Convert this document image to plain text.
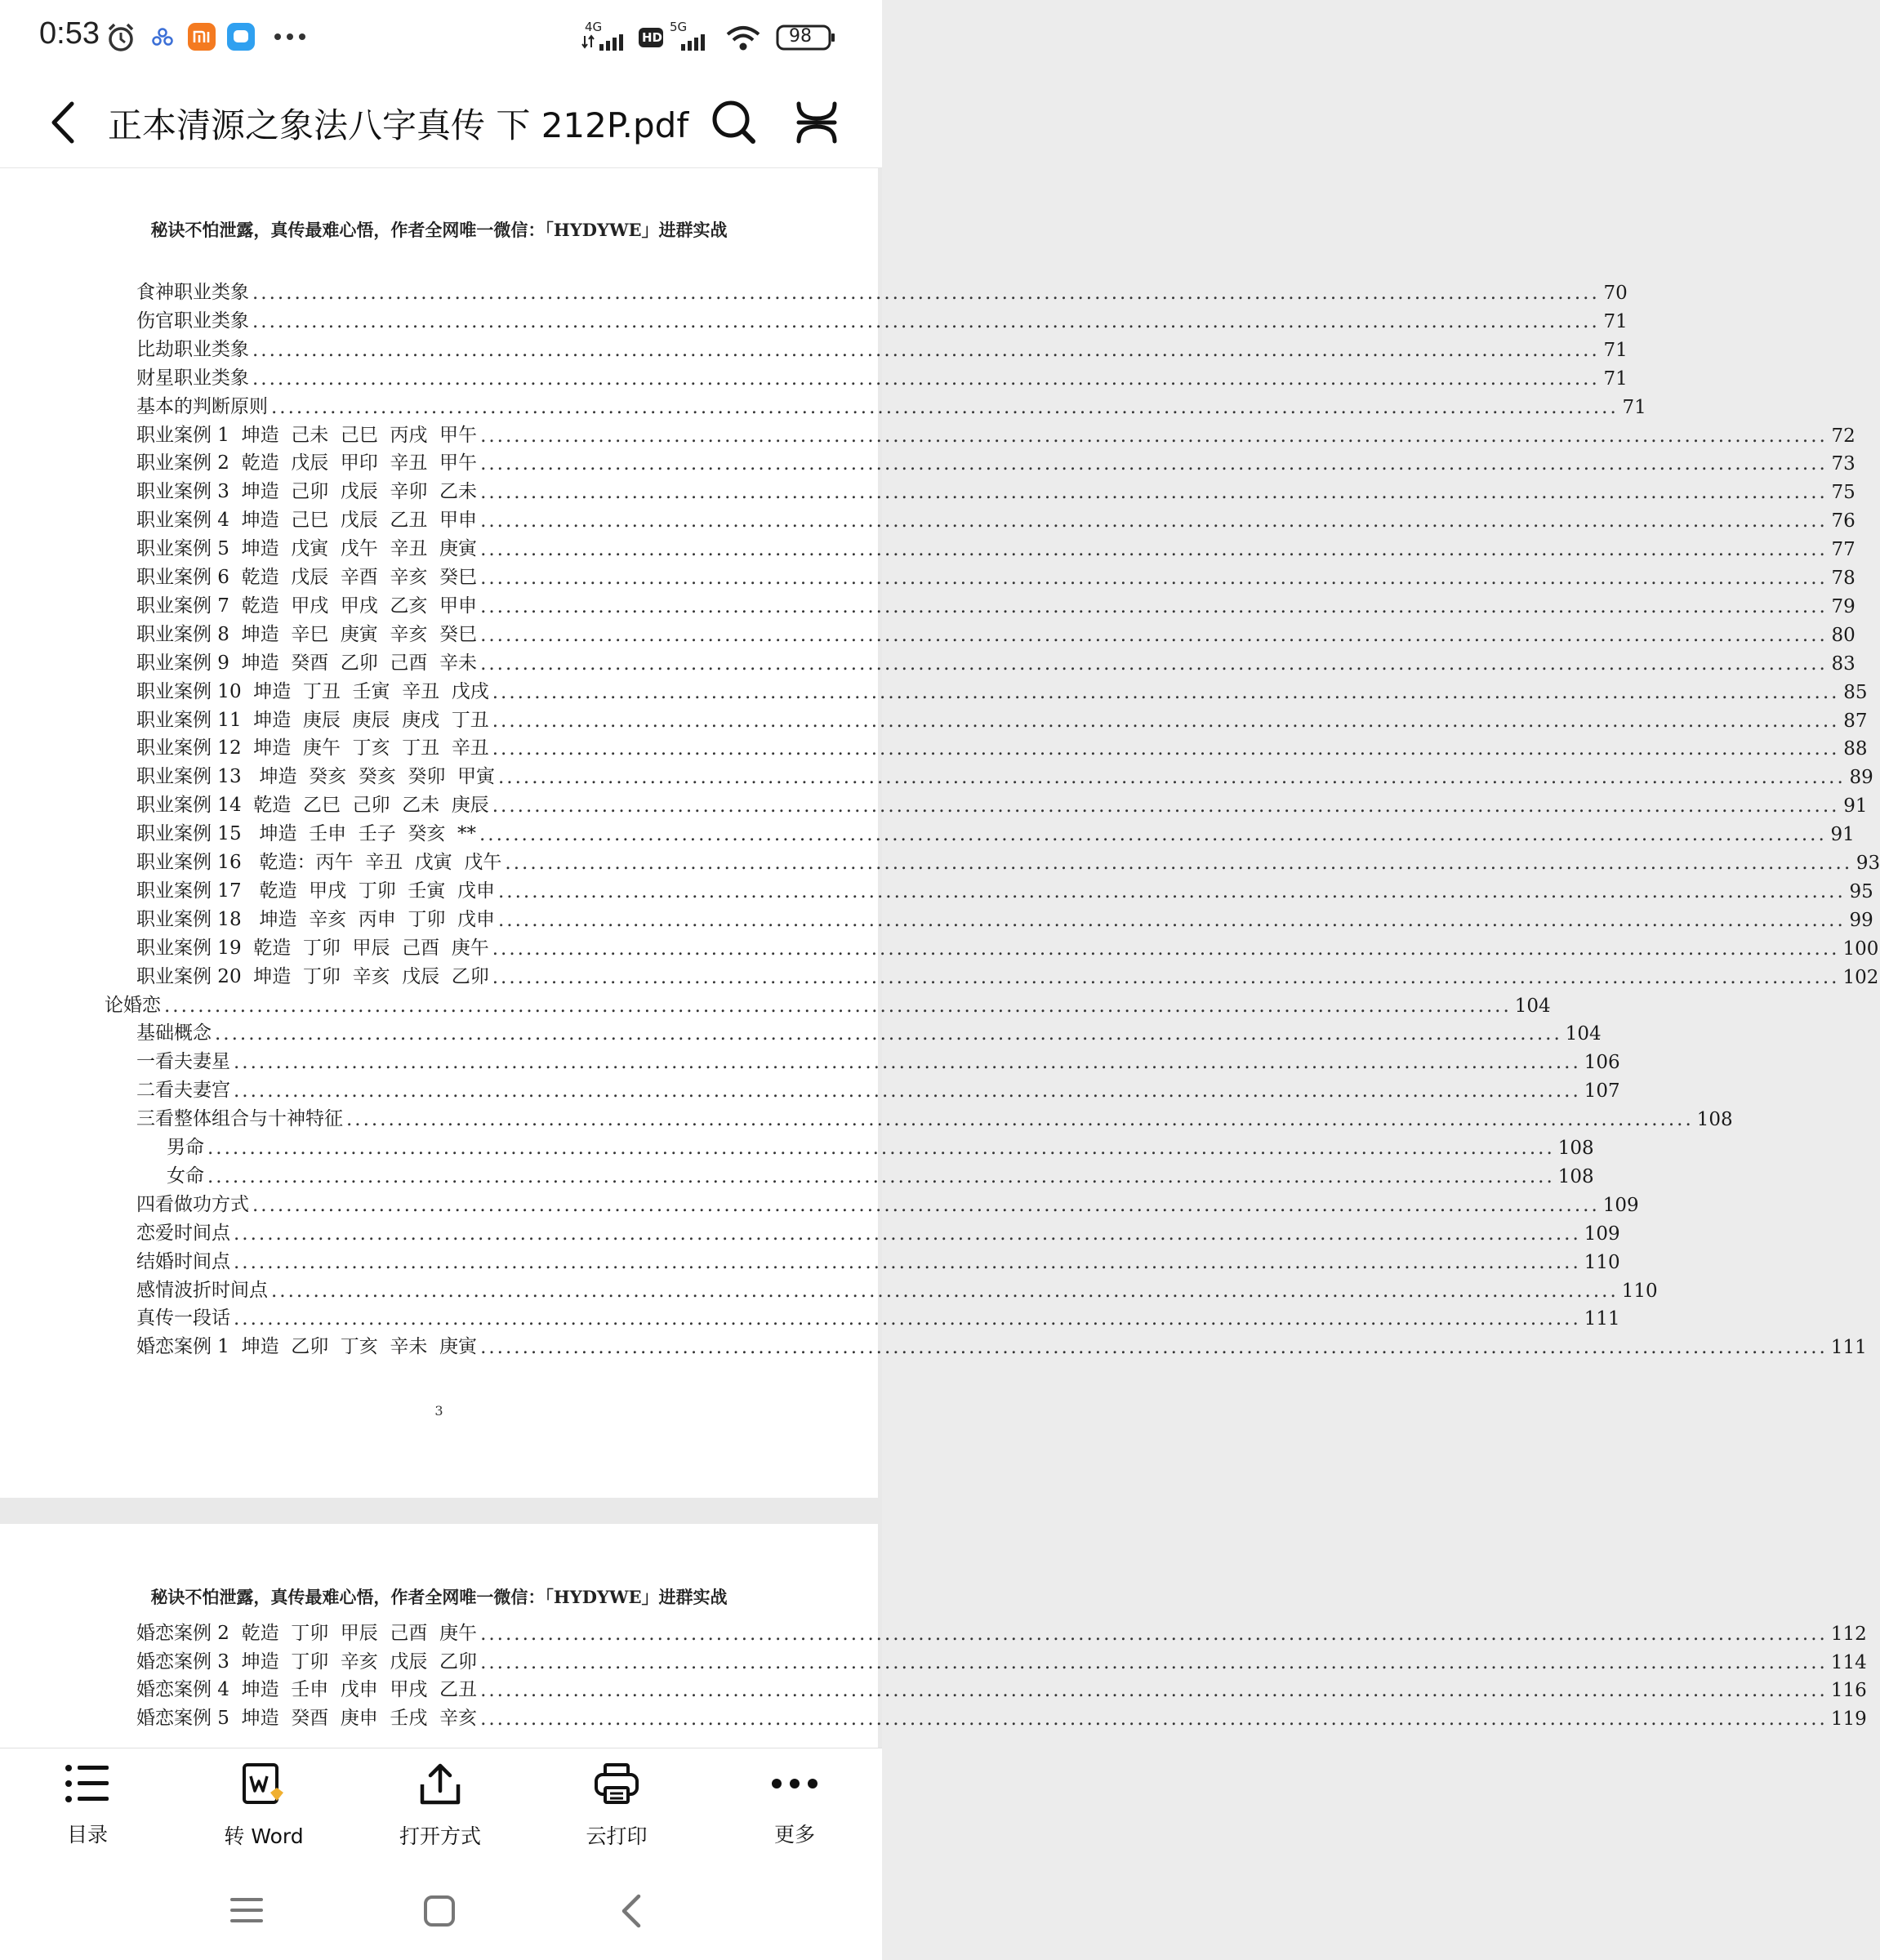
0:53	4G
HD
5G	98
正本清源之象法八字真传 下 212P.pdf
秘诀不怕泄露，真传最难心悟，作者全网唯一微信：「HYDYWE」进群实战
食神职业类象 ................................................................................................................................................................ 70
伤官职业类象 ................................................................................................................................................................ 71
比劫职业类象 ................................................................................................................................................................ 71
财星职业类象 ................................................................................................................................................................ 71
基本的判断原则 ................................................................................................................................................................ 71
职业案例 1  坤造  己未  己巳  丙戌  甲午 ................................................................................................................................................................ 72
职业案例 2  乾造  戊辰  甲印  辛丑  甲午 ................................................................................................................................................................ 73
职业案例 3  坤造  己卯  戊辰  辛卯  乙未 ................................................................................................................................................................ 75
职业案例 4  坤造  己巳  戊辰  乙丑  甲申 ................................................................................................................................................................ 76
职业案例 5  坤造  戊寅  戊午  辛丑  庚寅 ................................................................................................................................................................ 77
职业案例 6  乾造  戊辰  辛酉  辛亥  癸巳 ................................................................................................................................................................ 78
职业案例 7  乾造  甲戌  甲戌  乙亥  甲申 ................................................................................................................................................................ 79
职业案例 8  坤造  辛巳  庚寅  辛亥  癸巳 ................................................................................................................................................................ 80
职业案例 9  坤造  癸酉  乙卯  己酉  辛未 ................................................................................................................................................................ 83
职业案例 10  坤造  丁丑  壬寅  辛丑  戊戌 ................................................................................................................................................................ 85
职业案例 11  坤造  庚辰  庚辰  庚戌  丁丑 ................................................................................................................................................................ 87
职业案例 12  坤造  庚午  丁亥  丁丑  辛丑 ................................................................................................................................................................ 88
职业案例 13   坤造  癸亥  癸亥  癸卯  甲寅 ................................................................................................................................................................ 89
职业案例 14  乾造  乙巳  己卯  乙未  庚辰 ................................................................................................................................................................ 91
职业案例 15   坤造  壬申  壬子  癸亥  ** ................................................................................................................................................................ 91
职业案例 16   乾造：丙午  辛丑  戊寅  戊午 ................................................................................................................................................................ 93
职业案例 17   乾造  甲戌  丁卯  壬寅  戊申 ................................................................................................................................................................ 95
职业案例 18   坤造  辛亥  丙申  丁卯  戊申 ................................................................................................................................................................ 99
职业案例 19  乾造  丁卯  甲辰  己酉  庚午 ................................................................................................................................................................ 100
职业案例 20  坤造  丁卯  辛亥  戊辰  乙卯 ................................................................................................................................................................ 102
论婚恋 ................................................................................................................................................................ 104
基础概念 ................................................................................................................................................................ 104
一看夫妻星 ................................................................................................................................................................ 106
二看夫妻宫 ................................................................................................................................................................ 107
三看整体组合与十神特征 ................................................................................................................................................................ 108
男命 ................................................................................................................................................................ 108
女命 ................................................................................................................................................................ 108
四看做功方式 ................................................................................................................................................................ 109
恋爱时间点 ................................................................................................................................................................ 109
结婚时间点 ................................................................................................................................................................ 110
感情波折时间点 ................................................................................................................................................................ 110
真传一段话 ................................................................................................................................................................ 111
婚恋案例 1  坤造  乙卯  丁亥  辛未  庚寅 ................................................................................................................................................................ 111
3
秘诀不怕泄露，真传最难心悟，作者全网唯一微信：「HYDYWE」进群实战
婚恋案例 2  乾造  丁卯  甲辰  己酉  庚午 ................................................................................................................................................................ 112
婚恋案例 3  坤造  丁卯  辛亥  戊辰  乙卯 ................................................................................................................................................................ 114
婚恋案例 4  坤造  壬申  戊申  甲戌  乙丑 ................................................................................................................................................................ 116
婚恋案例 5  坤造  癸酉  庚申  壬戌  辛亥 ................................................................................................................................................................ 119
目录	转 Word	打开方式	云打印	更多
